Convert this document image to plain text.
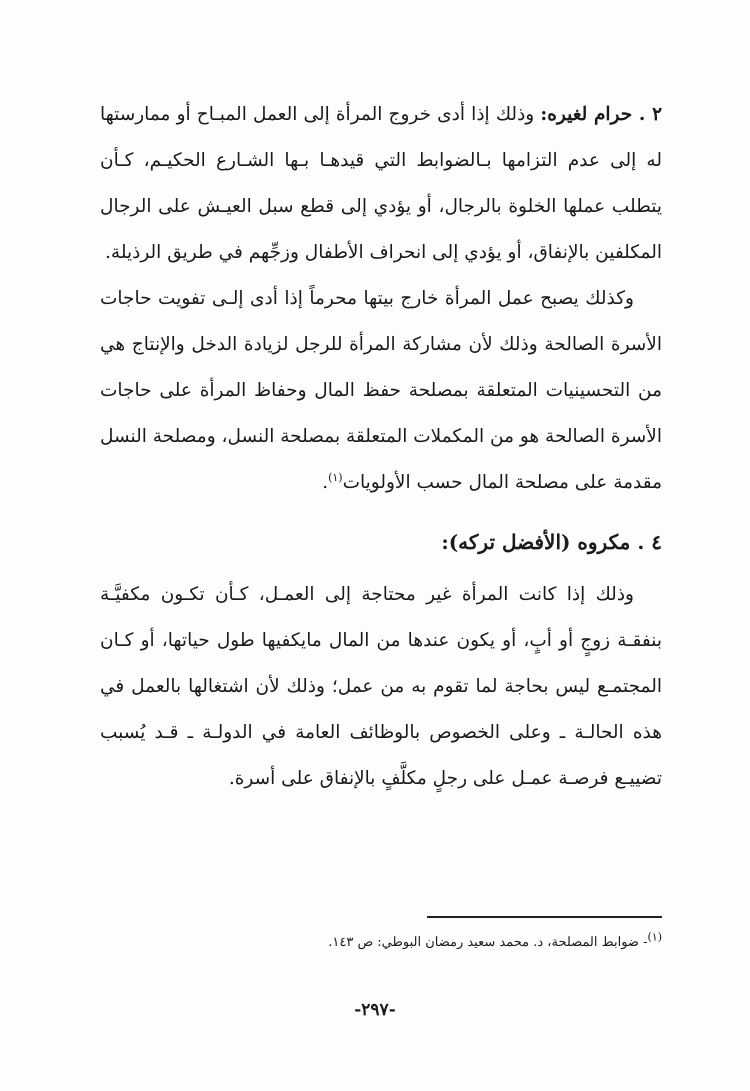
٢ . حرام لغيره: وذلك إذا أدى خروج المرأة إلى العمل المبـاح أو ممارستها له إلى عدم التزامها بـالضوابط التي قيدهـا بـها الشـارع الحكيـم، كـأن يتطلب عملها الخلوة بالرجال، أو يؤدي إلى قطع سبل العيـش على الرجال المكلفين بالإنفاق، أو يؤدي إلى انحراف الأطفال وزجِّهم في طريق الرذيلة.

وكذلك يصبح عمل المرأة خارج بيتها محرماً إذا أدى إلـى تفويت حاجات الأسرة الصالحة وذلك لأن مشاركة المرأة للرجل لزيادة الدخل والإنتاج هي من التحسينيات المتعلقة بمصلحة حفظ المال وحفاظ المرأة على حاجات الأسرة الصالحة هو من المكملات المتعلقة بمصلحة النسل، ومصلحة النسل مقدمة على مصلحة المال حسب الأولويات$^{(١)}$.

٤ . مكروه (الأفضل تركه):

وذلك إذا كانت المرأة غير محتاجة إلى العمـل، كـأن تكـون مكفيَّـة بنفقـة زوجٍ أو أبٍ، أو يكون عندها من المال مايكفيها طول حياتها، أو كـان المجتمـع ليس بحاجة لما تقوم به من عمل؛ وذلك لأن اشتغالها بالعمل في هذه الحالـة ـ وعلى الخصوص بالوظائف العامة في الدولـة ـ قـد يُسبب تضييـع فرصـة عمـل على رجلٍ مكلَّفٍ بالإنفاق على أسرة.

$^{(١)}$- ضوابط المصلحة، د. محمد سعيد رمضان البوطي: ص ١٤٣.
-٢٩٧-
